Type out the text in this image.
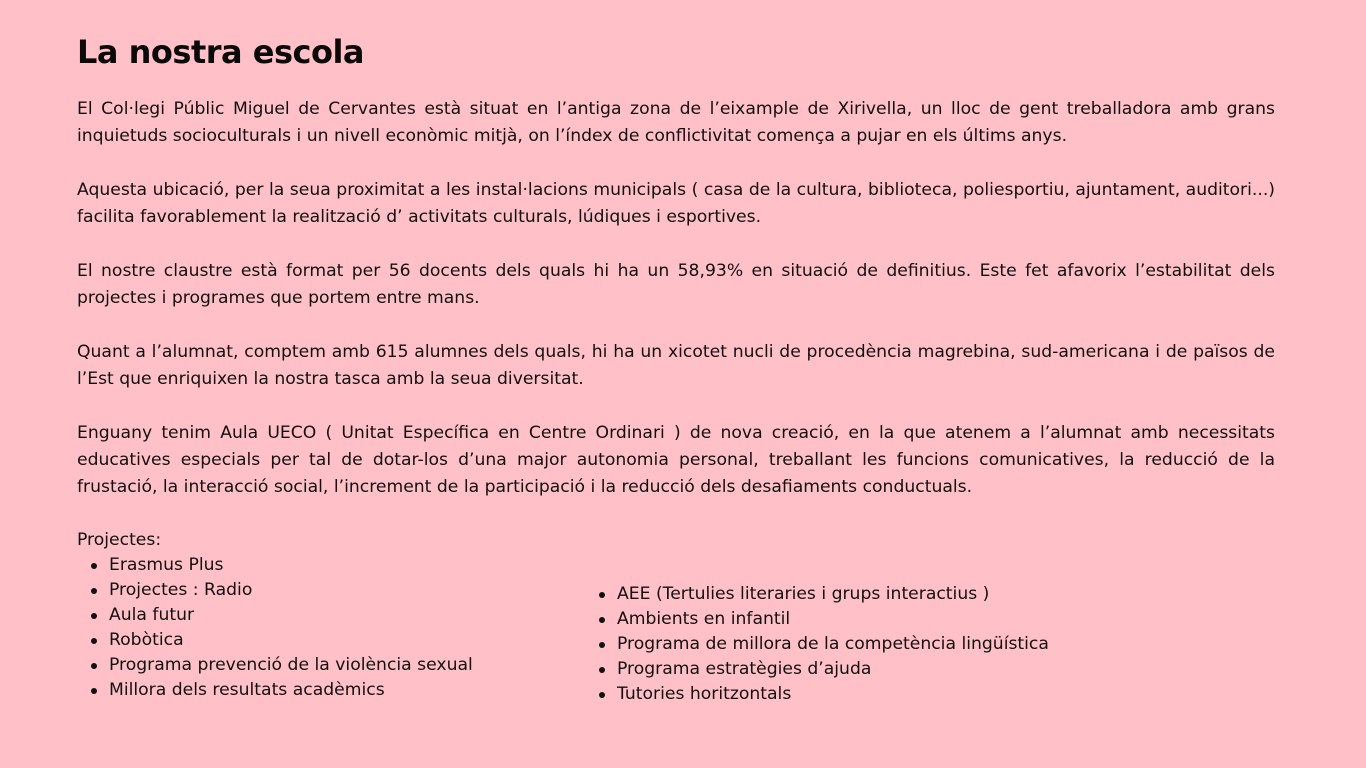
La nostra escola

El Col·legi Públic Miguel de Cervantes està situat en l’antiga zona de l’eixample de Xirivella, un lloc de gent treballadora amb grans inquietuds socioculturals i un nivell econòmic mitjà, on l’índex de conflictivitat comença a pujar en els últims anys.

Aquesta ubicació, per la seua proximitat a les instal·lacions municipals ( casa de la cultura, biblioteca, poliesportiu, ajuntament, auditori...) facilita favorablement la realització d’ activitats culturals, lúdiques i esportives.

El nostre claustre està format per 56 docents dels quals hi ha un 58,93% en situació de definitius. Este fet afavorix l’estabilitat dels projectes i programes que portem entre mans.

Quant a l’alumnat, comptem amb 615 alumnes dels quals, hi ha un xicotet nucli de procedència magrebina, sud-americana i de països de l’Est que enriquixen la nostra tasca amb la seua diversitat.

Enguany tenim Aula UECO ( Unitat Específica en Centre Ordinari ) de nova creació, en la que atenem a l’alumnat amb necessitats educatives especials per tal de dotar-los d’una major autonomia personal, treballant les funcions comunicatives, la reducció de la frustació, la interacció social, l’increment de la participació i la reducció dels desafiaments conductuals.

Projectes:

Erasmus Plus
Projectes : Radio
Aula futur
Robòtica
Programa prevenció de la violència sexual
Millora dels resultats acadèmics
AEE (Tertulies literaries i grups interactius )
Ambients en infantil
Programa de millora de la competència lingüística
Programa estratègies d’ajuda
Tutories horitzontals
